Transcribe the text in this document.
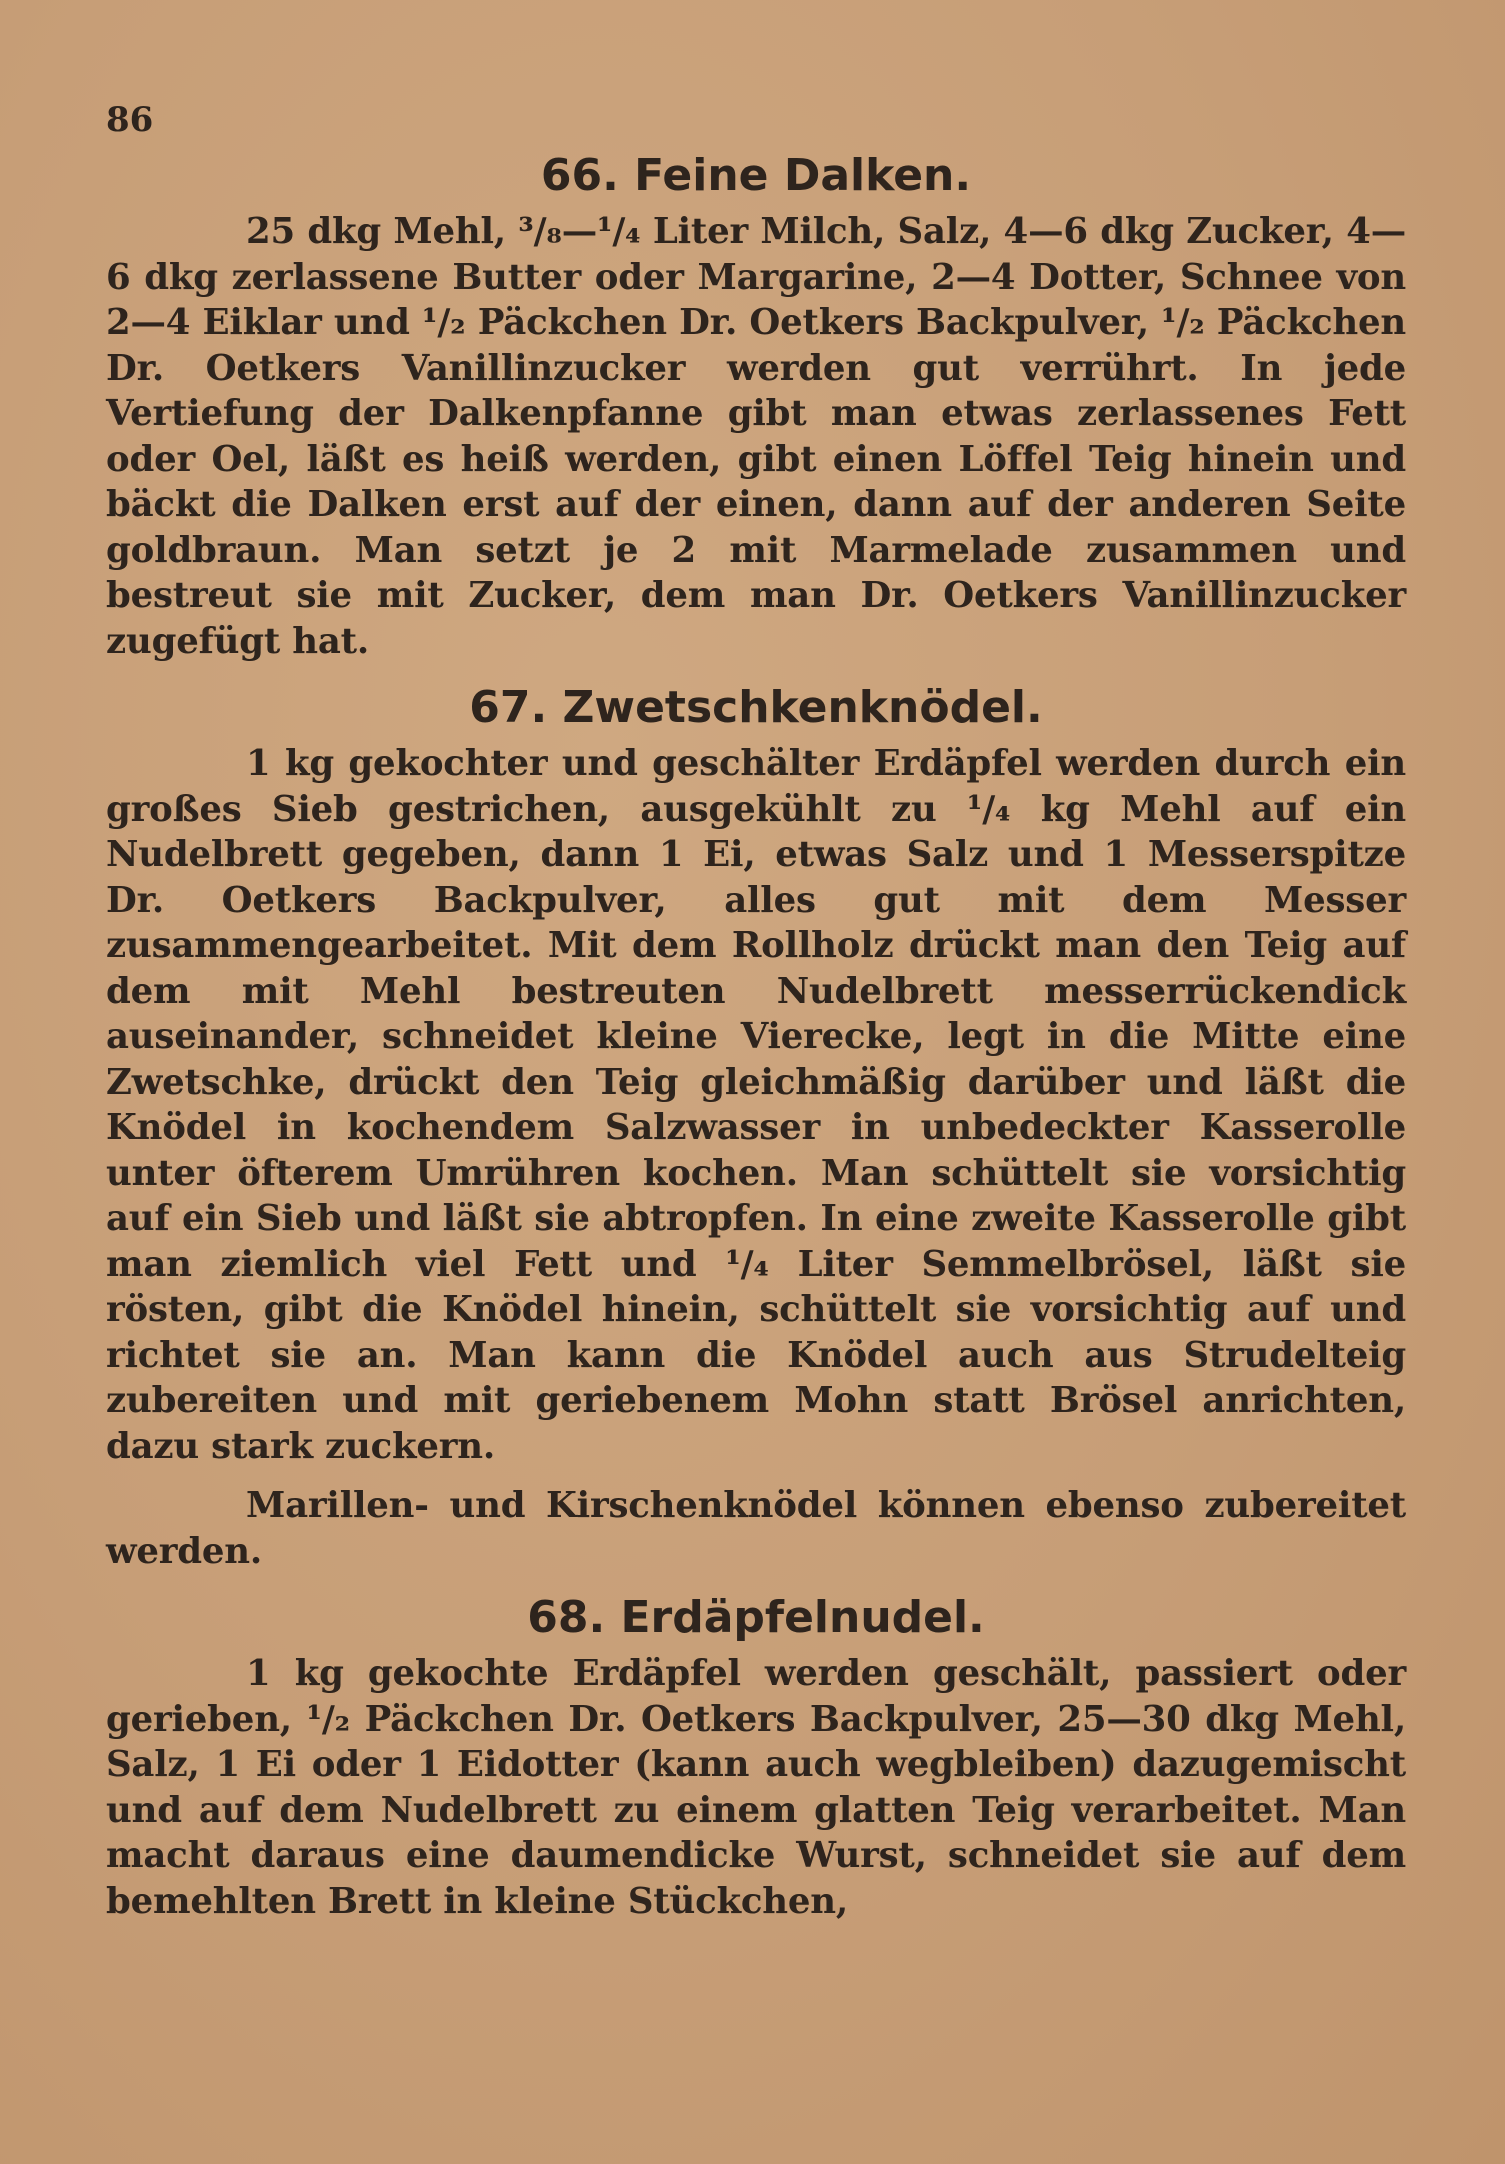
86
66. Feine Dalken.

25 dkg Mehl, ³/₈—¹/₄ Liter Milch, Salz, 4—6 dkg Zucker, 4—6 dkg zerlassene Butter oder Margarine, 2—4 Dotter, Schnee von 2—4 Eiklar und ¹/₂ Päckchen Dr. Oetkers Backpulver, ¹/₂ Päckchen Dr. Oetkers Vanillinzucker werden gut verrührt. In jede Vertiefung der Dalkenpfanne gibt man etwas zerlassenes Fett oder Oel, läßt es heiß werden, gibt einen Löffel Teig hinein und bäckt die Dalken erst auf der einen, dann auf der anderen Seite goldbraun. Man setzt je 2 mit Marmelade zusammen und bestreut sie mit Zucker, dem man Dr. Oetkers Vanillinzucker zugefügt hat.

67. Zwetschkenknödel.

1 kg gekochter und geschälter Erdäpfel werden durch ein großes Sieb gestrichen, ausgekühlt zu ¹/₄ kg Mehl auf ein Nudelbrett gegeben, dann 1 Ei, etwas Salz und 1 Messerspitze Dr. Oetkers Backpulver, alles gut mit dem Messer zusammengearbeitet. Mit dem Rollholz drückt man den Teig auf dem mit Mehl bestreuten Nudelbrett messerrückendick auseinander, schneidet kleine Vierecke, legt in die Mitte eine Zwetschke, drückt den Teig gleichmäßig darüber und läßt die Knödel in kochendem Salzwasser in unbedeckter Kasserolle unter öfterem Umrühren kochen. Man schüttelt sie vorsichtig auf ein Sieb und läßt sie abtropfen. In eine zweite Kasserolle gibt man ziemlich viel Fett und ¹/₄ Liter Semmelbrösel, läßt sie rösten, gibt die Knödel hinein, schüttelt sie vorsichtig auf und richtet sie an. Man kann die Knödel auch aus Strudelteig zubereiten und mit geriebenem Mohn statt Brösel anrichten, dazu stark zuckern.

Marillen- und Kirschenknödel können ebenso zubereitet werden.

68. Erdäpfelnudel.

1 kg gekochte Erdäpfel werden geschält, passiert oder gerieben, ¹/₂ Päckchen Dr. Oetkers Backpulver, 25—30 dkg Mehl, Salz, 1 Ei oder 1 Eidotter (kann auch wegbleiben) dazugemischt und auf dem Nudelbrett zu einem glatten Teig verarbeitet. Man macht daraus eine daumendicke Wurst, schneidet sie auf dem bemehlten Brett in kleine Stückchen,
